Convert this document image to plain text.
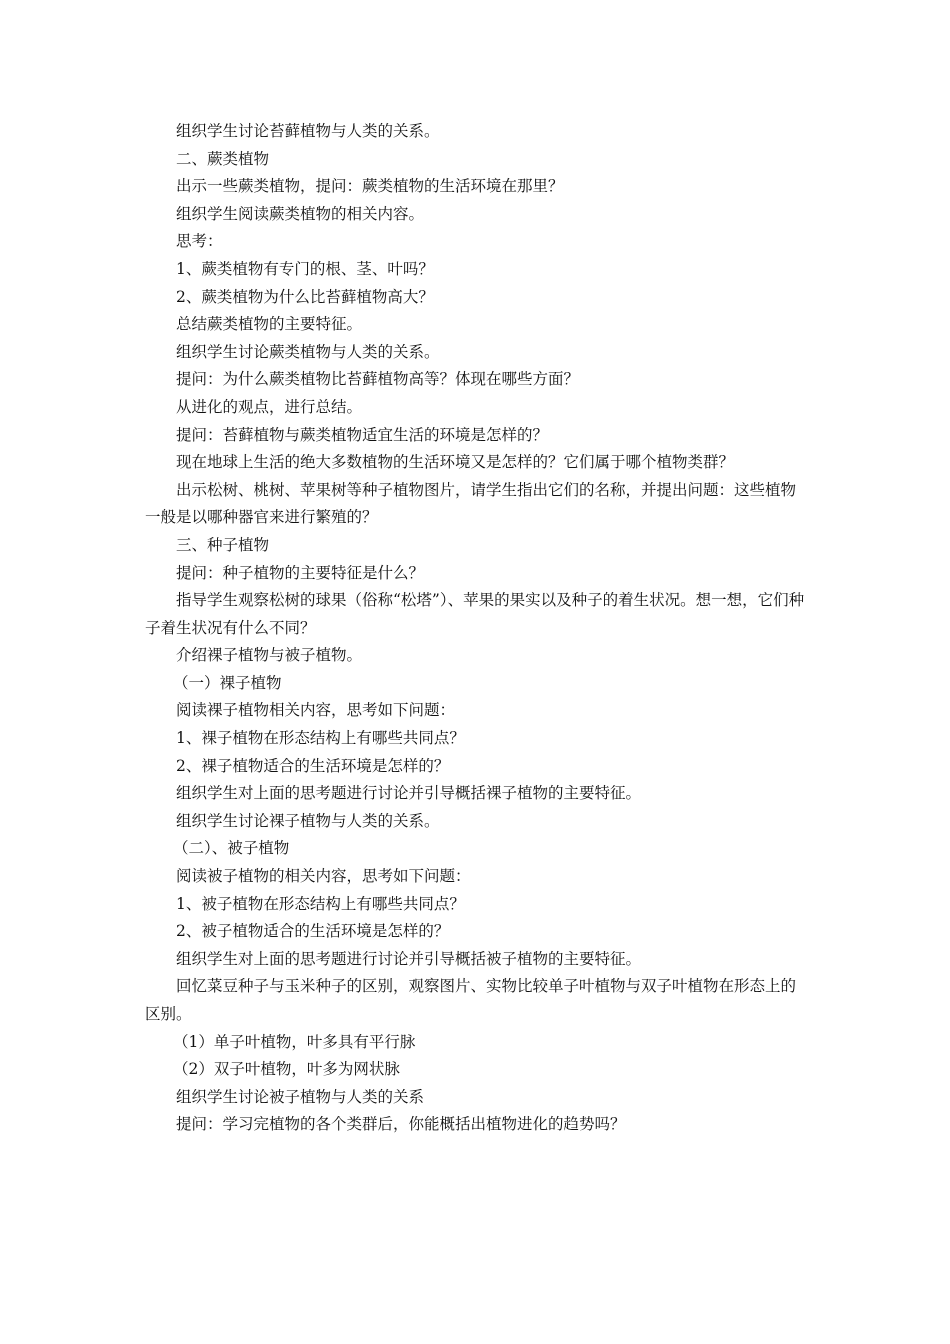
组织学生讨论苔藓植物与人类的关系。

二、蕨类植物

出示一些蕨类植物，提问：蕨类植物的生活环境在那里？

组织学生阅读蕨类植物的相关内容。

思考：

1、蕨类植物有专门的根、茎、叶吗？

2、蕨类植物为什么比苔藓植物高大？

总结蕨类植物的主要特征。

组织学生讨论蕨类植物与人类的关系。

提问：为什么蕨类植物比苔藓植物高等？体现在哪些方面？

从进化的观点，进行总结。

提问：苔藓植物与蕨类植物适宜生活的环境是怎样的？

现在地球上生活的绝大多数植物的生活环境又是怎样的？它们属于哪个植物类群？

出示松树、桃树、苹果树等种子植物图片，请学生指出它们的名称，并提出问题：这些植物一般是以哪种器官来进行繁殖的？

三、种子植物

提问：种子植物的主要特征是什么？

指导学生观察松树的球果（俗称“松塔”）、苹果的果实以及种子的着生状况。想一想，它们种子着生状况有什么不同？

介绍裸子植物与被子植物。

（一）裸子植物

阅读裸子植物相关内容，思考如下问题：

1、裸子植物在形态结构上有哪些共同点？

2、裸子植物适合的生活环境是怎样的？

组织学生对上面的思考题进行讨论并引导概括裸子植物的主要特征。

组织学生讨论裸子植物与人类的关系。

（二）、被子植物

阅读被子植物的相关内容，思考如下问题：

1、被子植物在形态结构上有哪些共同点？

2、被子植物适合的生活环境是怎样的？

组织学生对上面的思考题进行讨论并引导概括被子植物的主要特征。

回忆菜豆种子与玉米种子的区别，观察图片、实物比较单子叶植物与双子叶植物在形态上的区别。

（1）单子叶植物，叶多具有平行脉

（2）双子叶植物，叶多为网状脉

组织学生讨论被子植物与人类的关系

提问：学习完植物的各个类群后，你能概括出植物进化的趋势吗？
